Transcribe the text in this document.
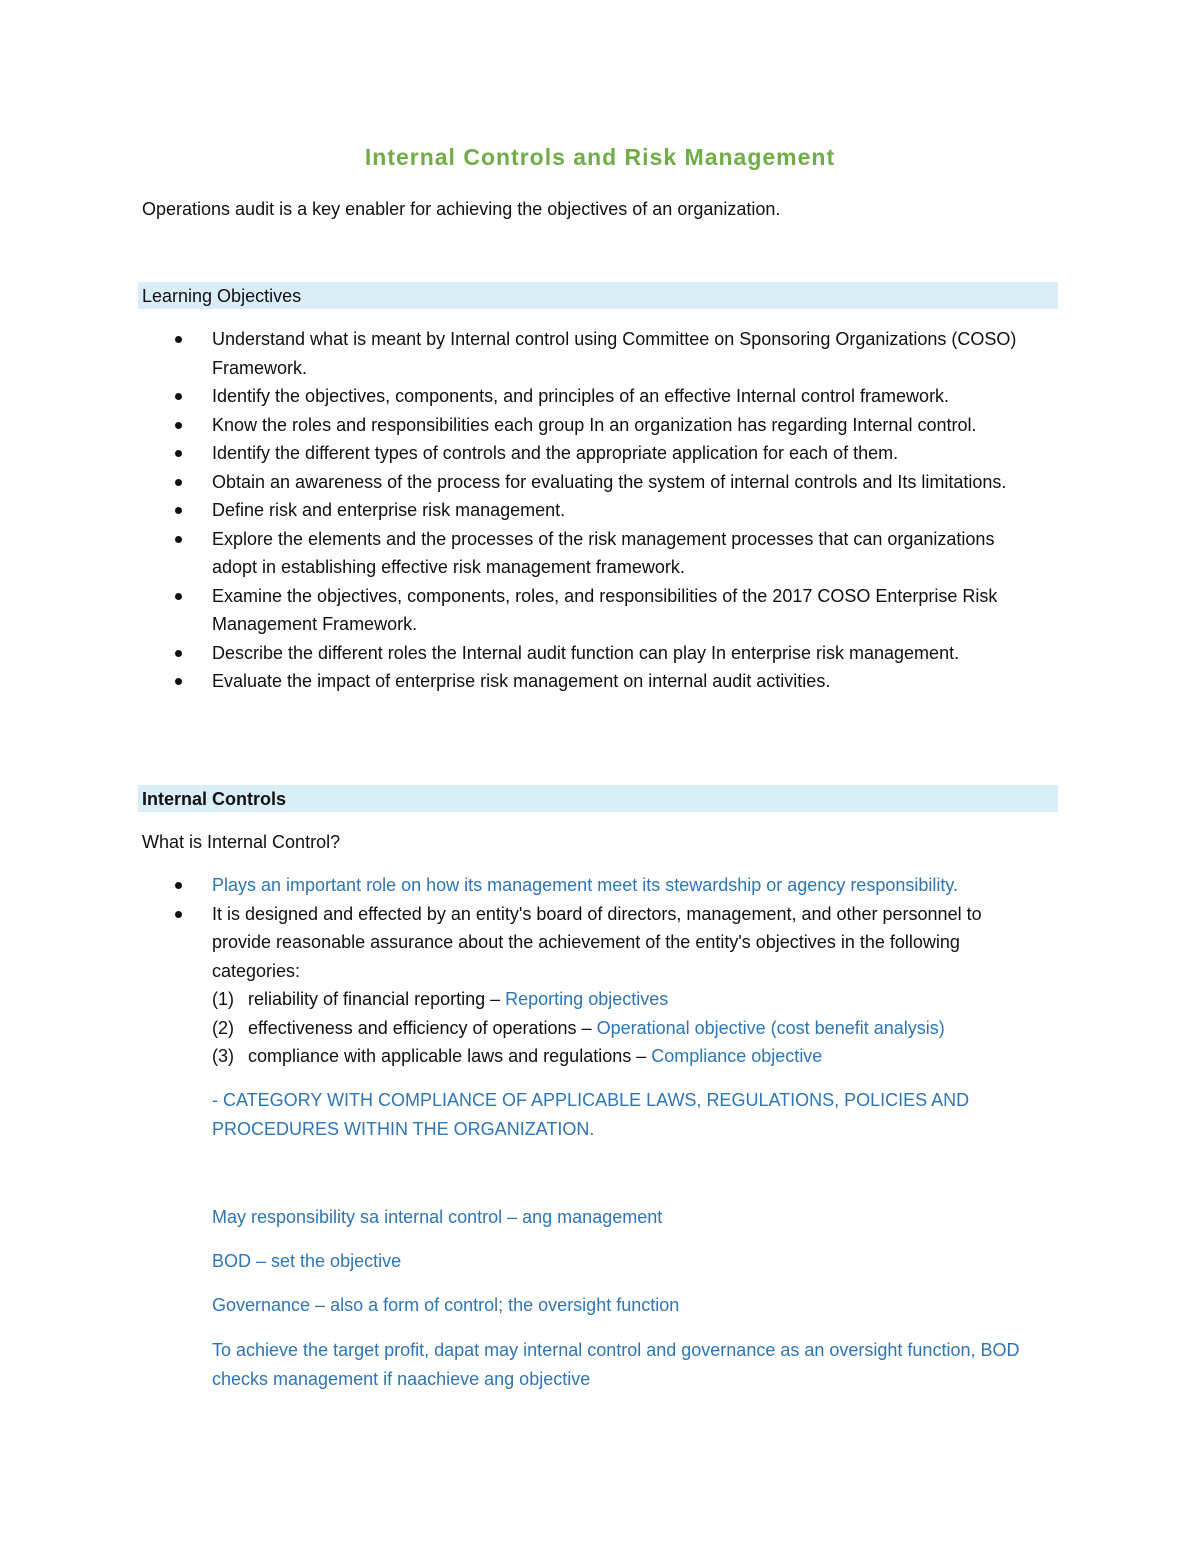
Internal Controls and Risk Management
Operations audit is a key enabler for achieving the objectives of an organization.
Learning Objectives
Understand what is meant by Internal control using Committee on Sponsoring Organizations (COSO) Framework.
Identify the objectives, components, and principles of an effective Internal control framework.
Know the roles and responsibilities each group In an organization has regarding Internal control.
Identify the different types of controls and the appropriate application for each of them.
Obtain an awareness of the process for evaluating the system of internal controls and Its limitations.
Define risk and enterprise risk management.
Explore the elements and the processes of the risk management processes that can organizations adopt in establishing effective risk management framework.
Examine the objectives, components, roles, and responsibilities of the 2017 COSO Enterprise Risk Management Framework.
Describe the different roles the Internal audit function can play In enterprise risk management.
Evaluate the impact of enterprise risk management on internal audit activities.
Internal Controls
What is Internal Control?
Plays an important role on how its management meet its stewardship or agency responsibility.
It is designed and effected by an entity's board of directors, management, and other personnel to provide reasonable assurance about the achievement of the entity's objectives in the following categories:
(1) reliability of financial reporting – Reporting objectives
(2) effectiveness and efficiency of operations – Operational objective (cost benefit analysis)
(3) compliance with applicable laws and regulations – Compliance objective
- CATEGORY WITH COMPLIANCE OF APPLICABLE LAWS, REGULATIONS, POLICIES AND PROCEDURES WITHIN THE ORGANIZATION.
May responsibility sa internal control – ang management
BOD – set the objective
Governance – also a form of control; the oversight function
To achieve the target profit, dapat may internal control and governance as an oversight function, BOD checks management if naachieve ang objective
